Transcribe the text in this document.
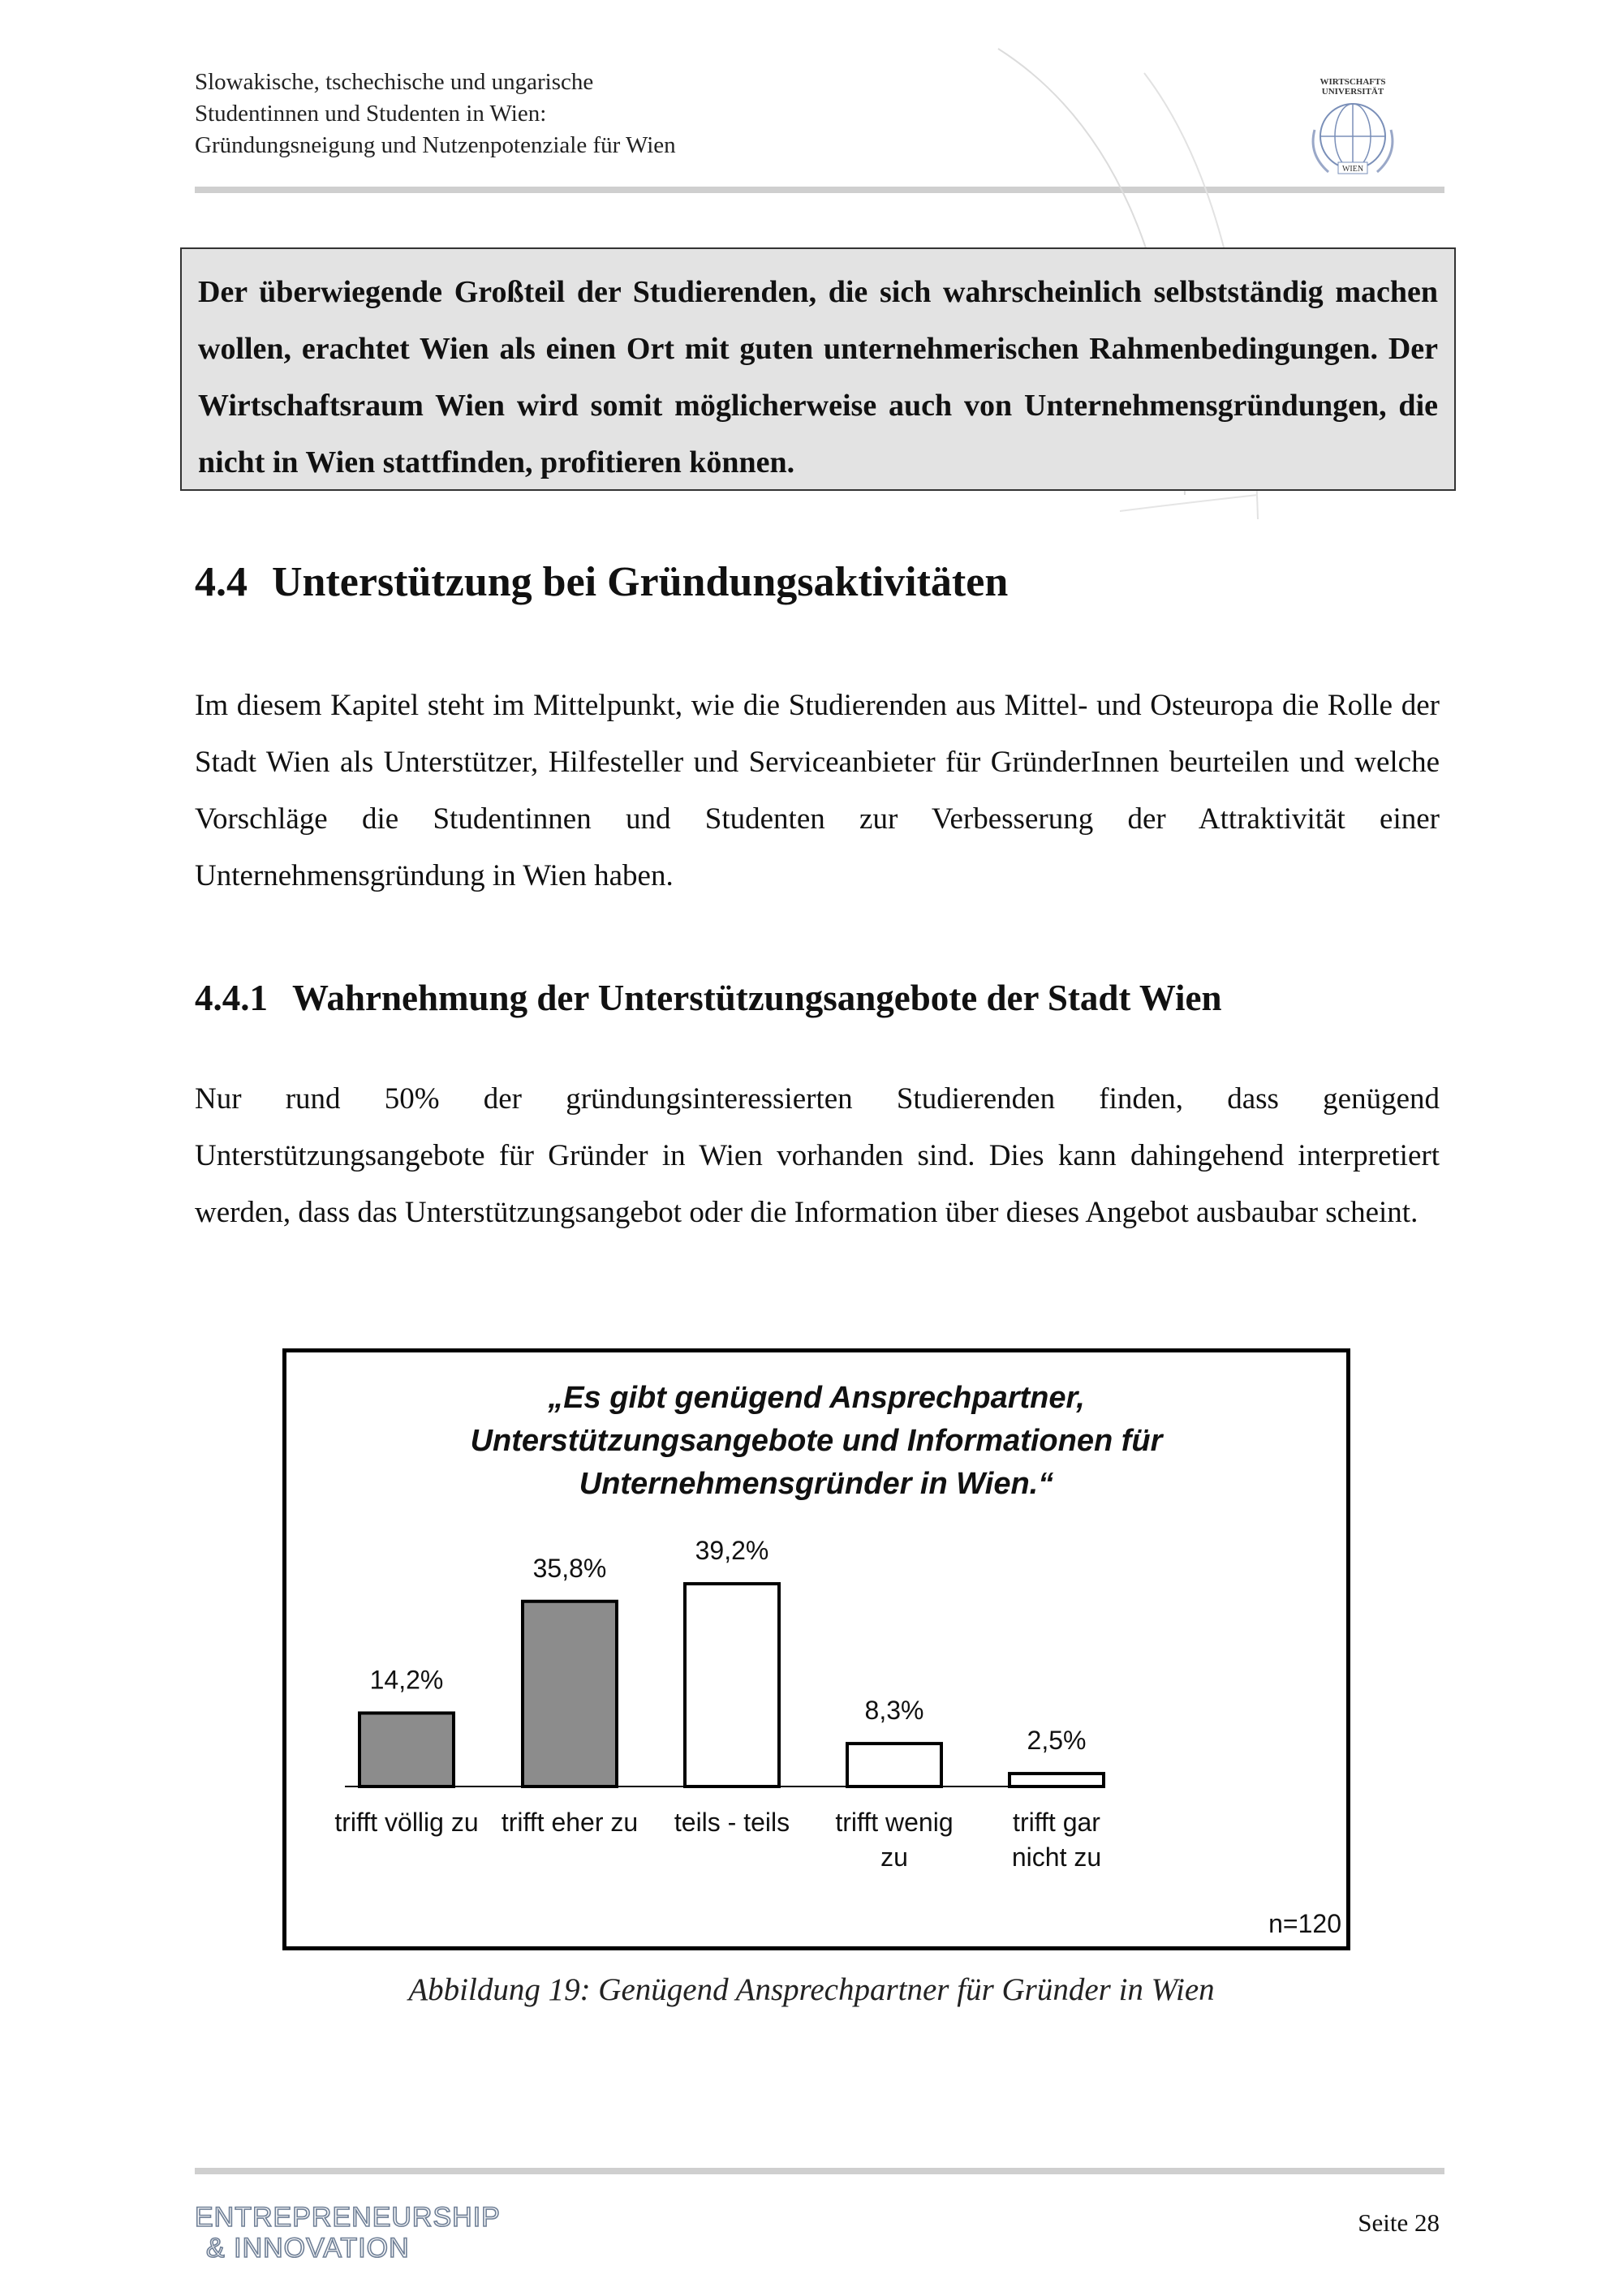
Slowakische, tschechische und ungarische
Studentinnen und Studenten in Wien:
Gründungsneigung und Nutzenpotenziale für Wien
WIRTSCHAFTS
UNIVERSITÄT
WIEN
Der überwiegende Großteil der Studierenden, die sich wahrscheinlich selbstständig machen wollen, erachtet Wien als einen Ort mit guten unternehmerischen Rahmenbedingungen. Der Wirtschaftsraum Wien wird somit möglicherweise auch von Unternehmensgründungen, die nicht in Wien stattfinden, profitieren können.
4.4 Unterstützung bei Gründungsaktivitäten

Im diesem Kapitel steht im Mittelpunkt, wie die Studierenden aus Mittel- und Osteuropa die Rolle der Stadt Wien als Unterstützer, Hilfesteller und Serviceanbieter für GründerInnen beurteilen und welche Vorschläge die Studentinnen und Studenten zur Verbesserung der Attraktivität einer Unternehmensgründung in Wien haben.

4.4.1 Wahrnehmung der Unterstützungsangebote der Stadt Wien

Nur rund 50% der gründungsinteressierten Studierenden finden, dass genügend Unterstützungsangebote für Gründer in Wien vorhanden sind. Dies kann dahingehend interpretiert werden, dass das Unterstützungsangebot oder die Information über dieses Angebot ausbaubar scheint.

„Es gibt genügend Ansprechpartner,
Unterstützungsangebote und Informationen für
Unternehmensgründer in Wien.“
14,2%
trifft völlig zu
35,8%
trifft eher zu
39,2%
teils - teils
8,3%
trifft wenig
zu
2,5%
trifft gar
nicht zu
n=120
Abbildung 19: Genügend Ansprechpartner für Gründer in Wien
ENTREPRENEURSHIP
& INNOVATION
Seite 28
